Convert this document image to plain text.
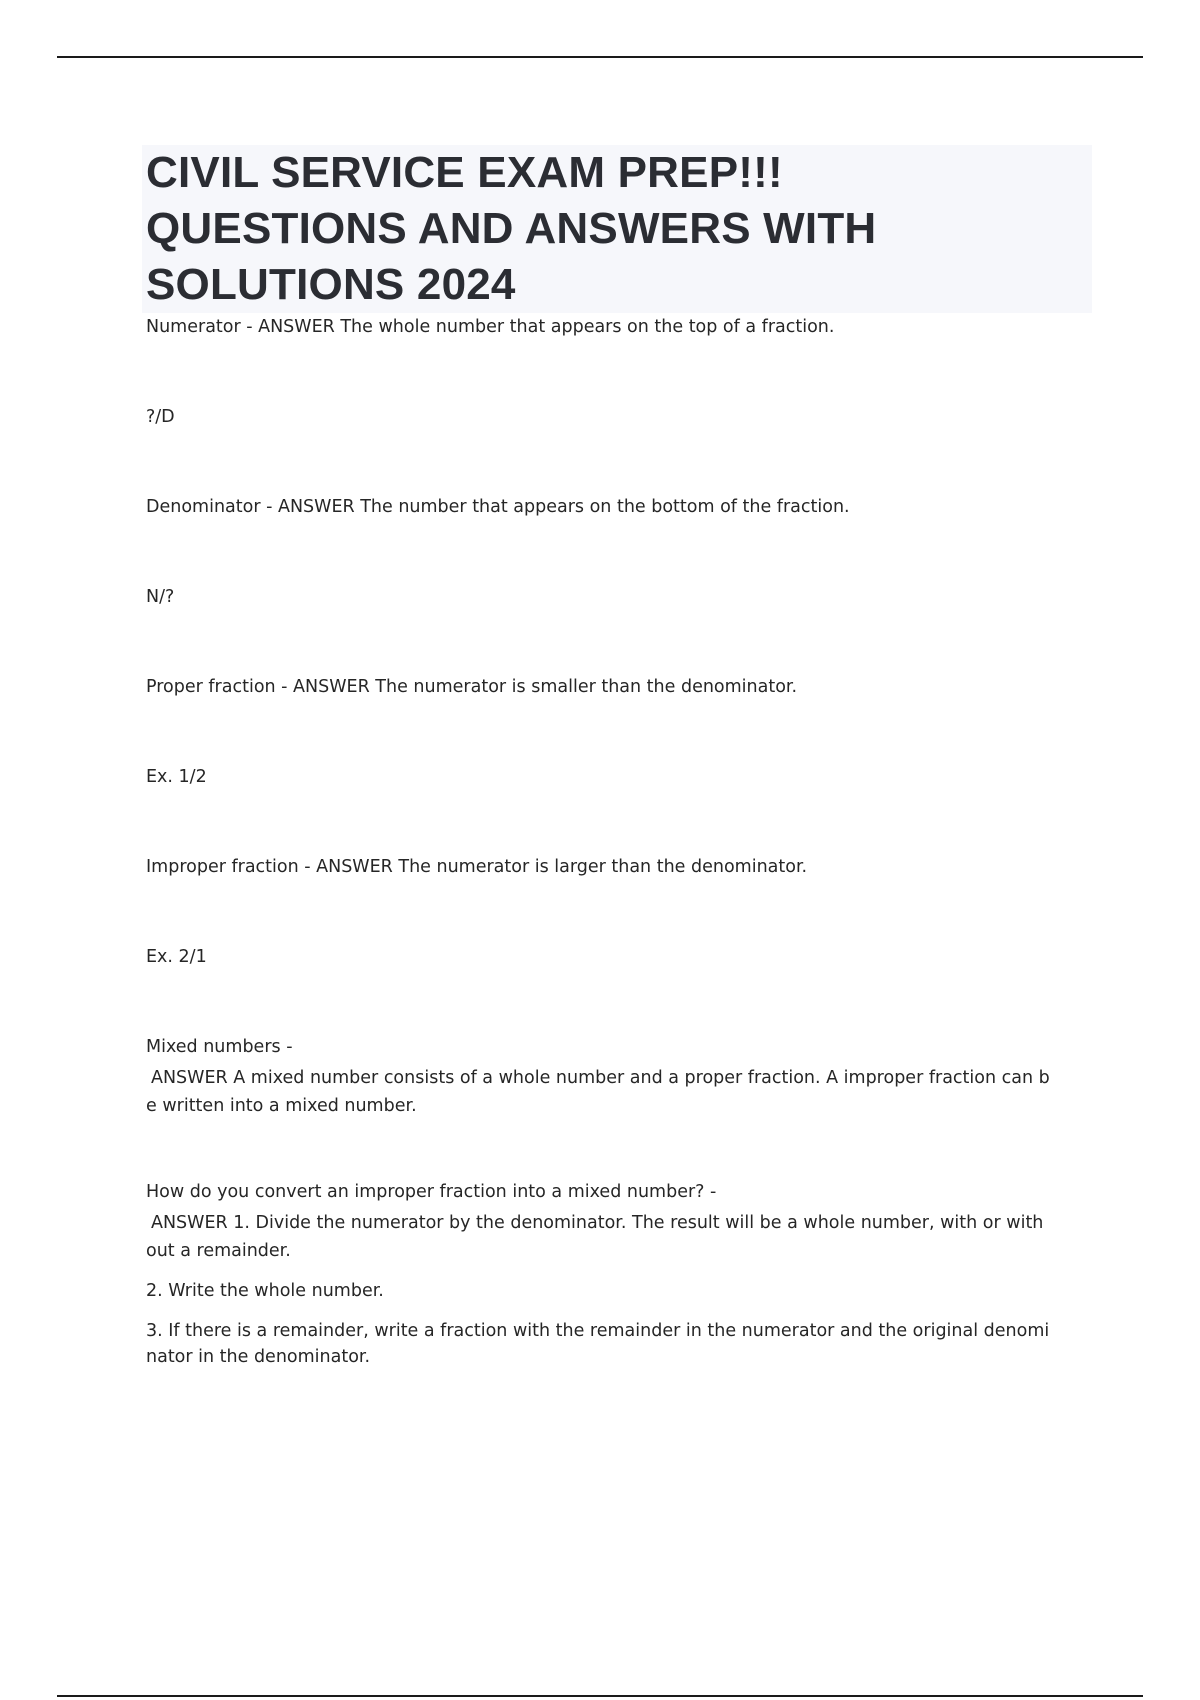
CIVIL SERVICE EXAM PREP!!!
QUESTIONS AND ANSWERS WITH
SOLUTIONS 2024

Numerator - ANSWER The whole number that appears on the top of a fraction.

?/D

Denominator - ANSWER The number that appears on the bottom of the fraction.

N/?

Proper fraction - ANSWER The numerator is smaller than the denominator.

Ex. 1/2

Improper fraction - ANSWER The numerator is larger than the denominator.

Ex. 2/1

Mixed numbers -

ANSWER A mixed number consists of a whole number and a proper fraction. A improper fraction can b

e written into a mixed number.

How do you convert an improper fraction into a mixed number? -

ANSWER 1. Divide the numerator by the denominator. The result will be a whole number, with or with

out a remainder.

2. Write the whole number.

3. If there is a remainder, write a fraction with the remainder in the numerator and the original denomi

nator in the denominator.
